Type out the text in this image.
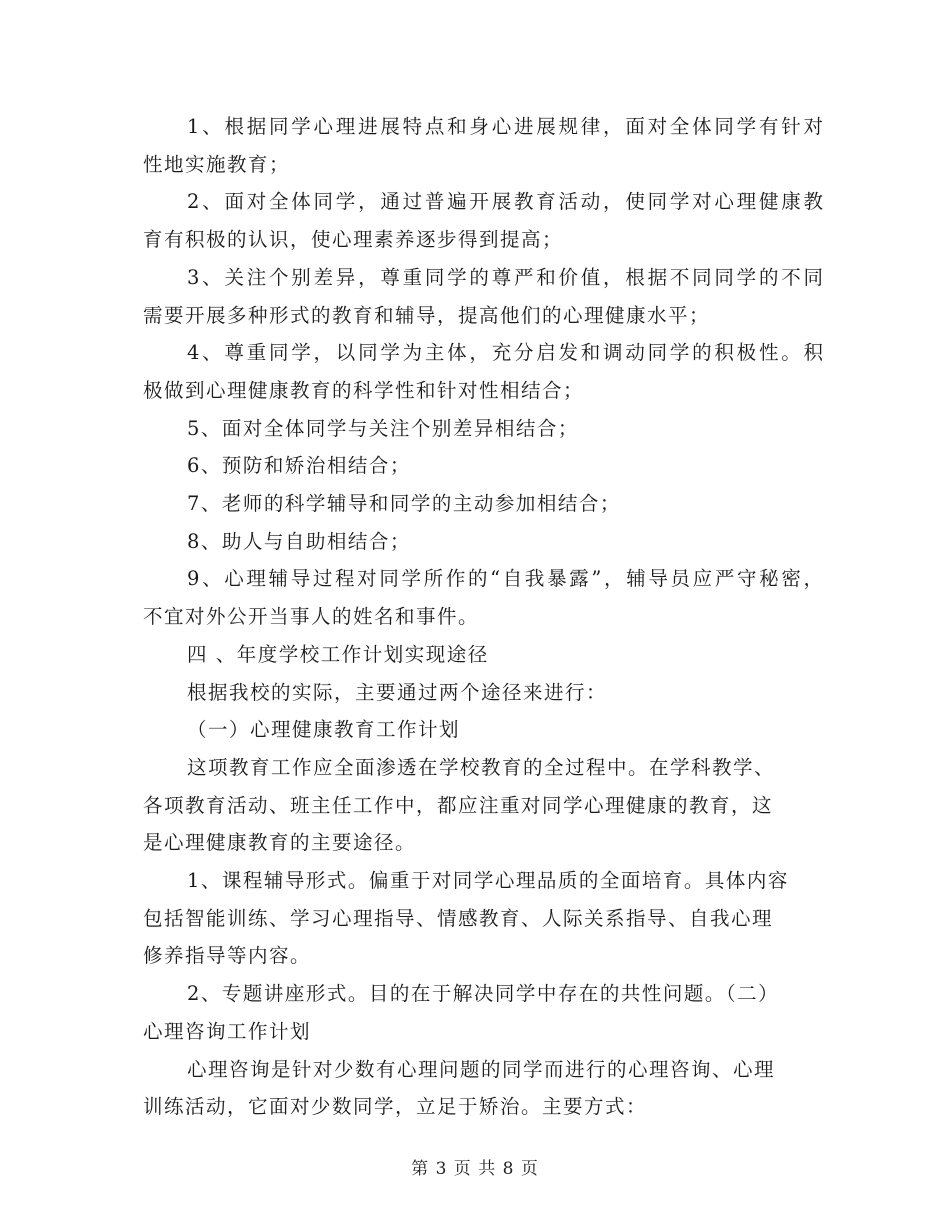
1、根据同学心理进展特点和身心进展规律，面对全体同学有针对
性地实施教育；
2、面对全体同学，通过普遍开展教育活动，使同学对心理健康教
育有积极的认识，使心理素养逐步得到提高；
3、关注个别差异，尊重同学的尊严和价值，根据不同同学的不同
需要开展多种形式的教育和辅导，提高他们的心理健康水平；
4、尊重同学，以同学为主体，充分启发和调动同学的积极性。积
极做到心理健康教育的科学性和针对性相结合；
5、面对全体同学与关注个别差异相结合；
6、预防和矫治相结合；
7、老师的科学辅导和同学的主动参加相结合；
8、助人与自助相结合；
9、心理辅导过程对同学所作的“自我暴露”，辅导员应严守秘密，
不宜对外公开当事人的姓名和事件。
四 、年度学校工作计划实现途径
根据我校的实际，主要通过两个途径来进行：
（一）心理健康教育工作计划
这项教育工作应全面渗透在学校教育的全过程中。在学科教学、
各项教育活动、班主任工作中，都应注重对同学心理健康的教育，这
是心理健康教育的主要途径。
1、课程辅导形式。偏重于对同学心理品质的全面培育。具体内容
包括智能训练、学习心理指导、情感教育、人际关系指导、自我心理
修养指导等内容。
2、专题讲座形式。目的在于解决同学中存在的共性问题。（二）
心理咨询工作计划
心理咨询是针对少数有心理问题的同学而进行的心理咨询、心理
训练活动，它面对少数同学，立足于矫治。主要方式：
第 3 页 共 8 页
